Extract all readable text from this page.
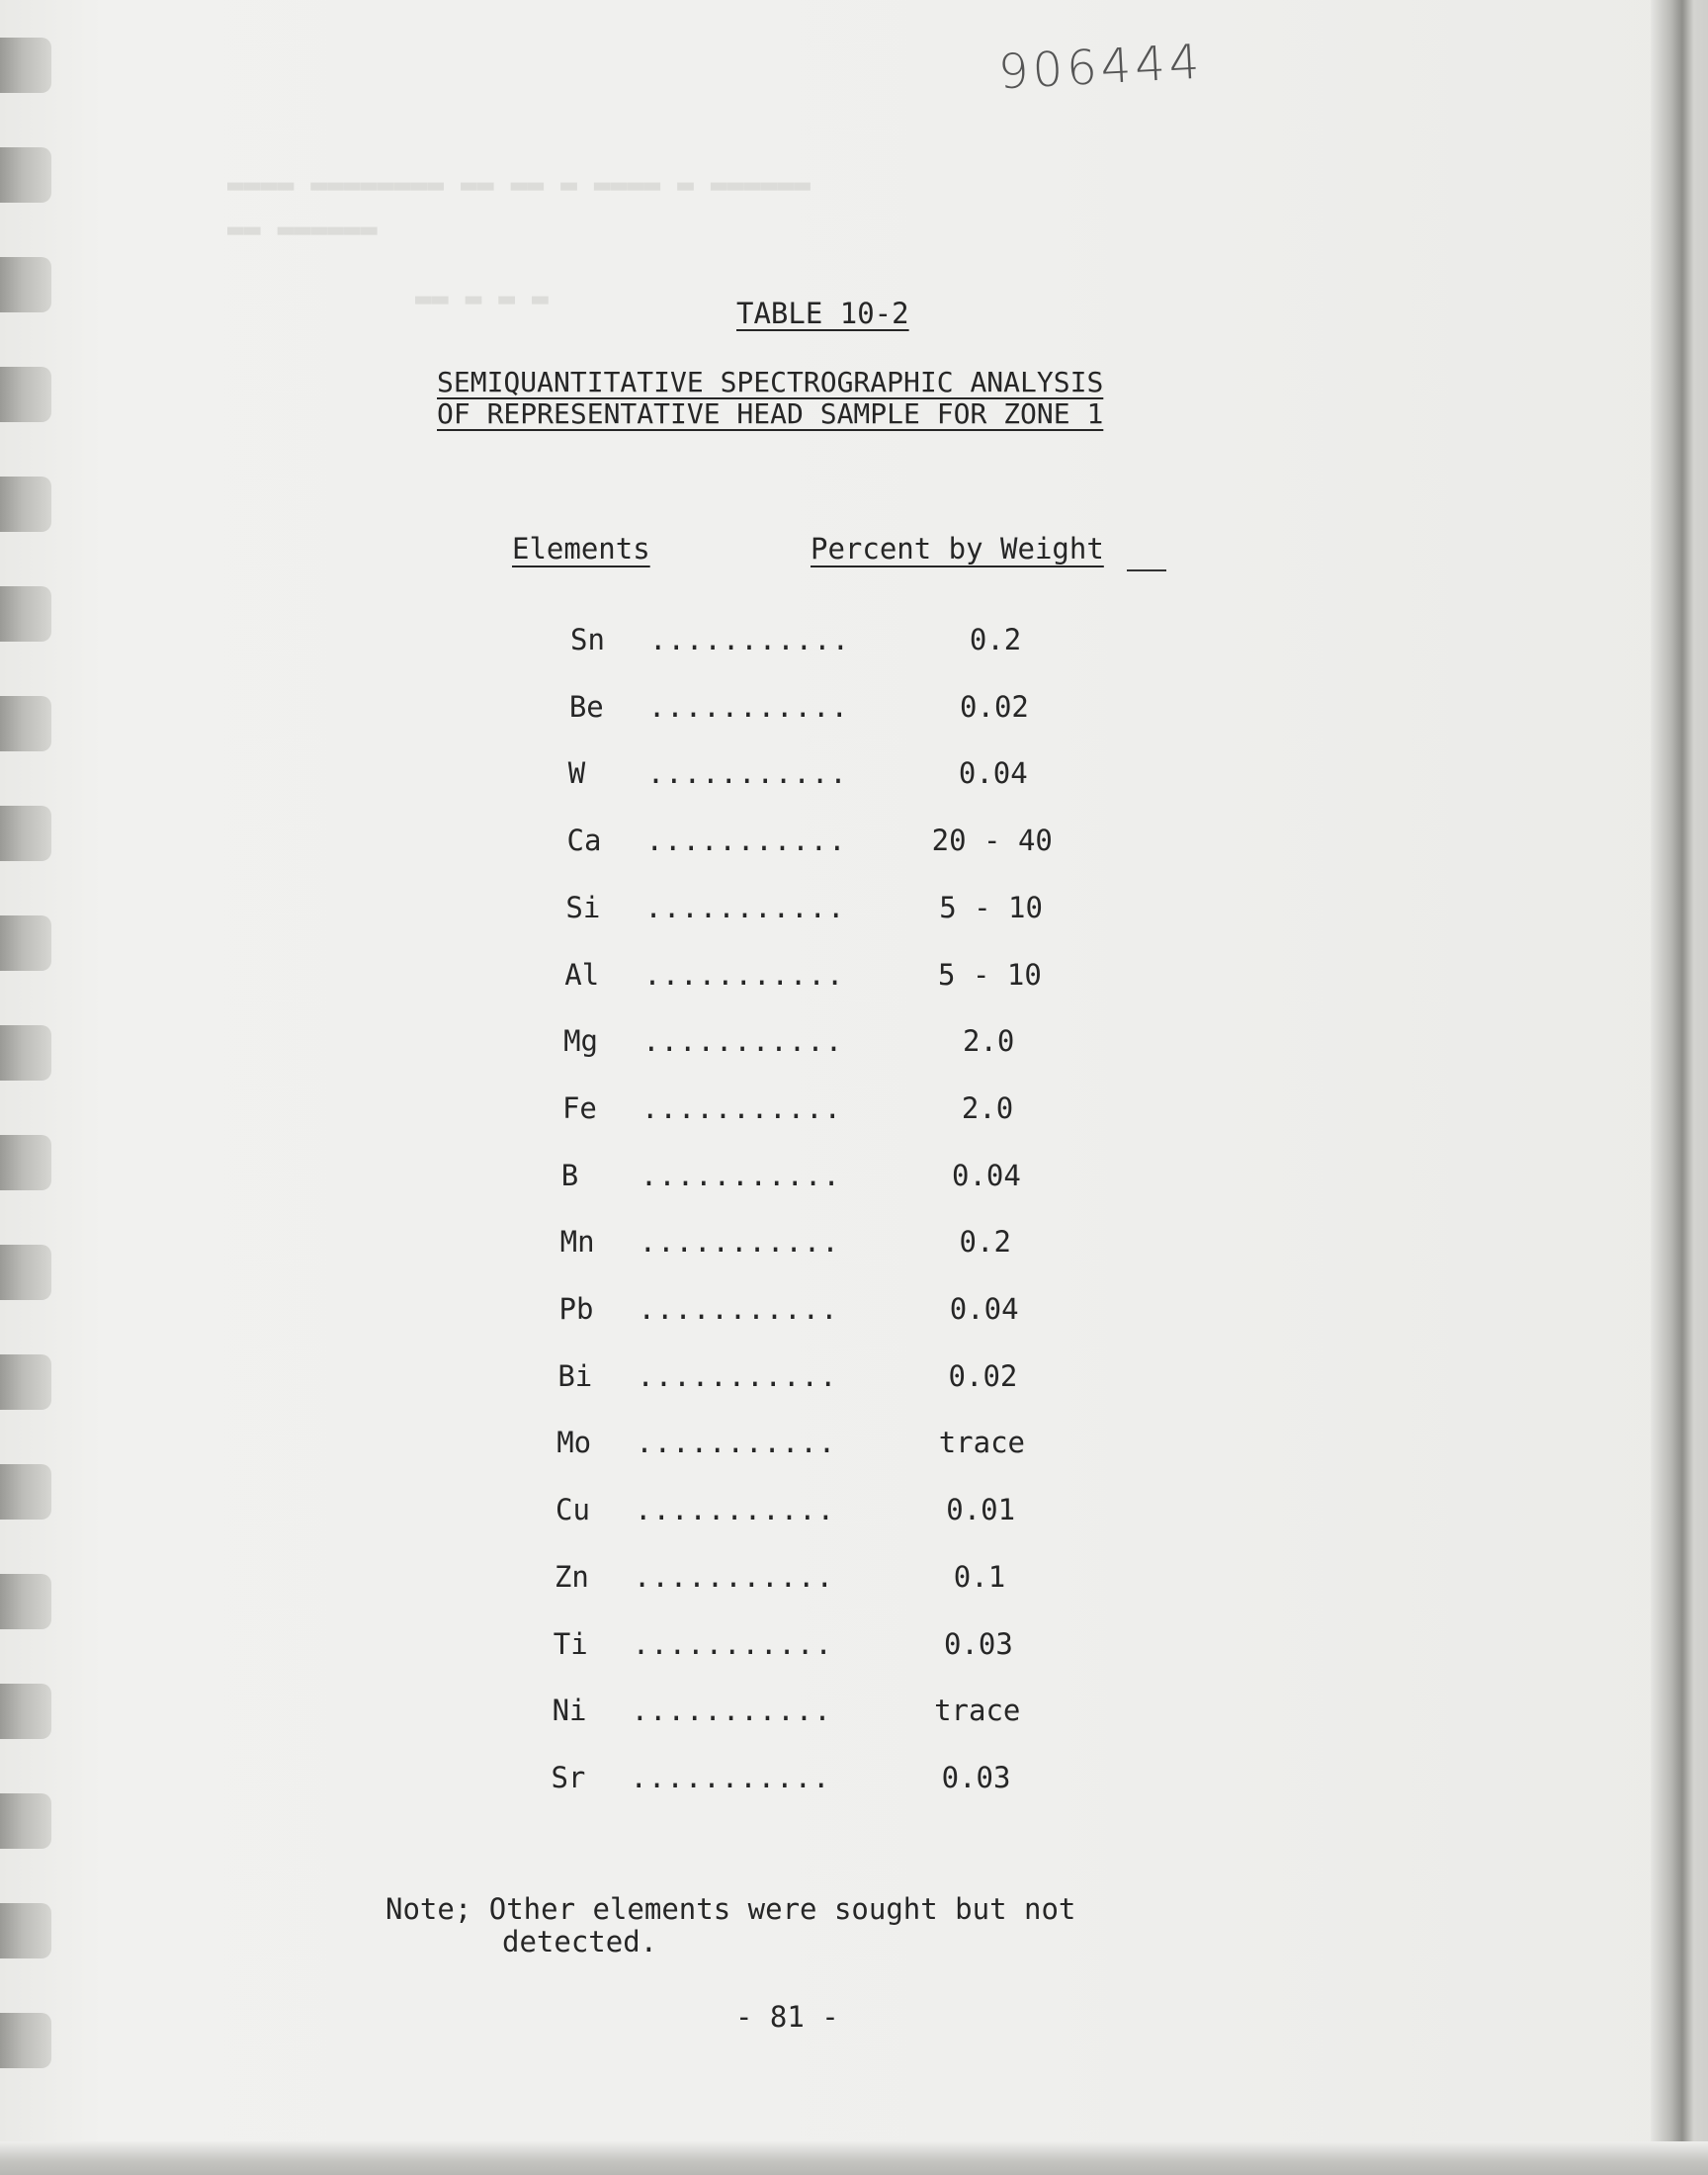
▬▬▬▬ ▬▬▬▬▬▬▬▬ ▬▬ ▬▬ ▬ ▬▬▬▬ ▬ ▬▬▬▬▬▬
▬▬ ▬▬▬▬▬▬
▬▬ ▬ ▬ ▬
906444
TABLE 10-2
SEMIQUANTITATIVE SPECTROGRAPHIC ANALYSIS
OF REPRESENTATIVE HEAD SAMPLE FOR ZONE 1
Elements	Percent by Weight
Sn ...........	0.2
Be ...........	0.02
W ...........	0.04
Ca ...........	20 - 40
Si ...........	5 - 10
Al ...........	5 - 10
Mg ...........	2.0
Fe ...........	2.0
B ...........	0.04
Mn ...........	0.2
Pb ...........	0.04
Bi ...........	0.02
Mo ...........	trace
Cu ...........	0.01
Zn ...........	0.1
Ti ...........	0.03
Ni ...........	trace
Sr ...........	0.03
Note; Other elements were sought but not
detected.
- 81 -
